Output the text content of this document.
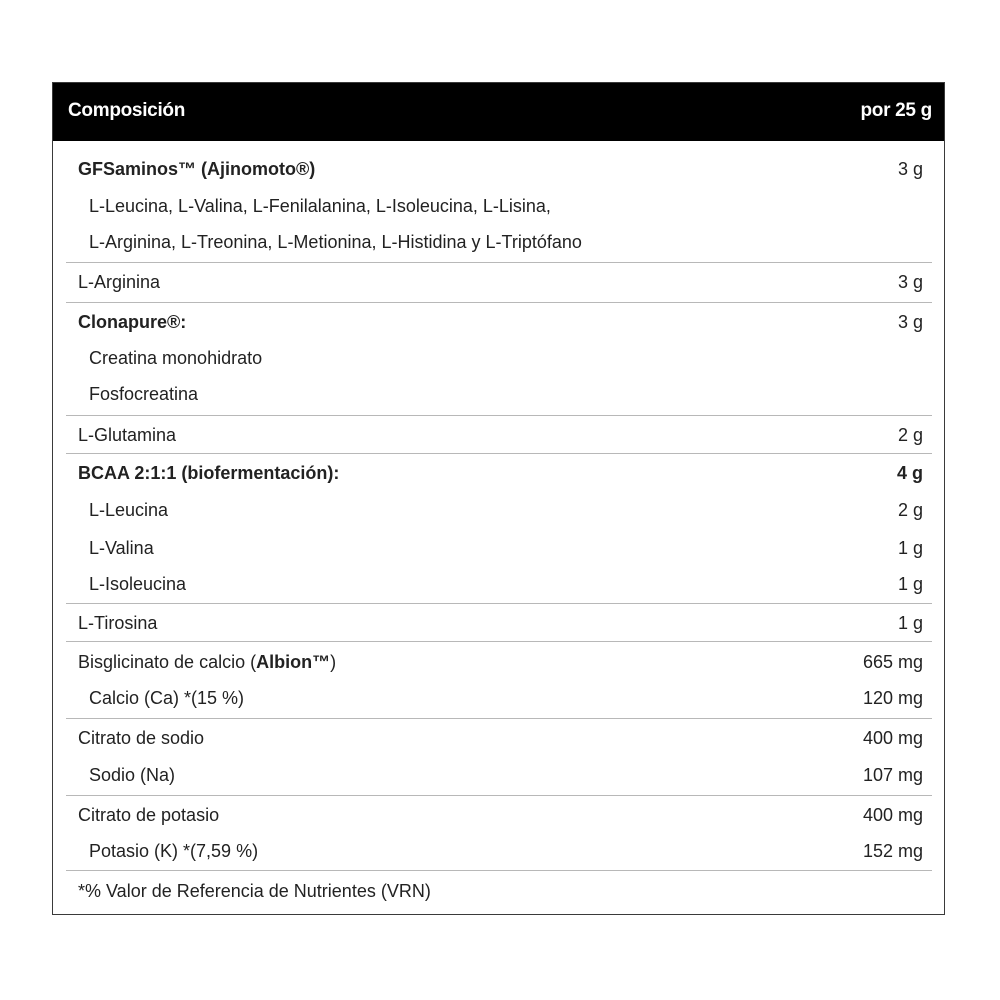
Composición	por 25 g
GFSaminos™ (Ajinomoto®)	3 g
L-Leucina, L-Valina, L-Fenilalanina, L-Isoleucina, L-Lisina,
L-Arginina, L-Treonina, L-Metionina, L-Histidina y L-Triptófano
L-Arginina	3 g
Clonapure®:	3 g
Creatina monohidrato
Fosfocreatina
L-Glutamina	2 g
BCAA 2:1:1 (biofermentación):	4 g
L-Leucina	2 g
L-Valina	1 g
L-Isoleucina	1 g
L-Tirosina	1 g
Bisglicinato de calcio (Albion™)	665 mg
Calcio (Ca) *(15 %)	120 mg
Citrato de sodio	400 mg
Sodio (Na)	107 mg
Citrato de potasio	400 mg
Potasio (K) *(7,59 %)	152 mg
*% Valor de Referencia de Nutrientes (VRN)
